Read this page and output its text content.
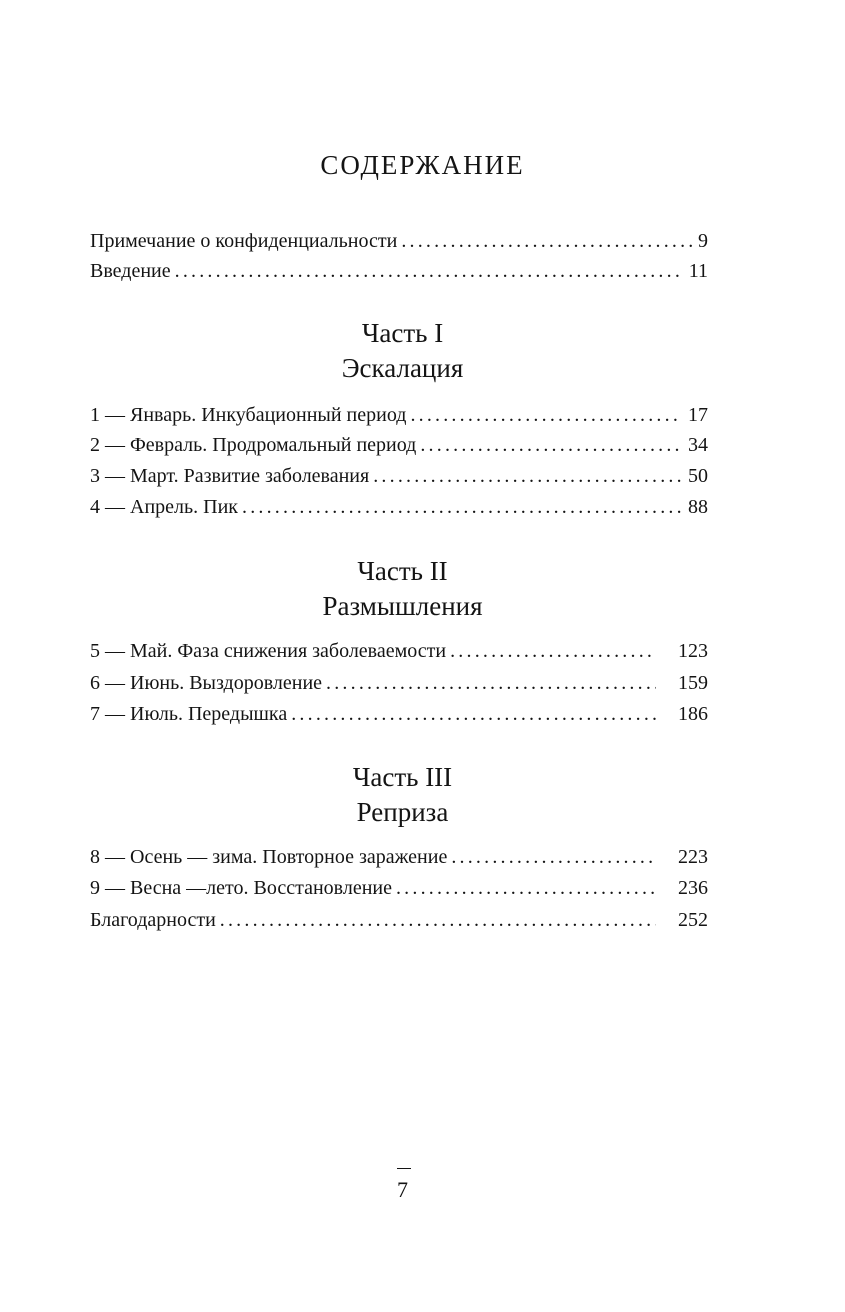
СОДЕРЖАНИЕ
Примечание о конфиденциальности .....	9
Введение .....	11
Часть I
Эскалация
1 — Январь. Инкубационный период .....	17
2 — Февраль. Продромальный период .....	34
3 — Март. Развитие заболевания .....	50
4 — Апрель. Пик .....	88
Часть II
Размышления
5 — Май. Фаза снижения заболеваемости .....	123
6 — Июнь. Выздоровление .....	159
7 — Июль. Передышка .....	186
Часть III
Реприза
8 — Осень — зима. Повторное заражение .....	223
9 — Весна —лето. Восстановление .....	236
Благодарности .....	252
7
